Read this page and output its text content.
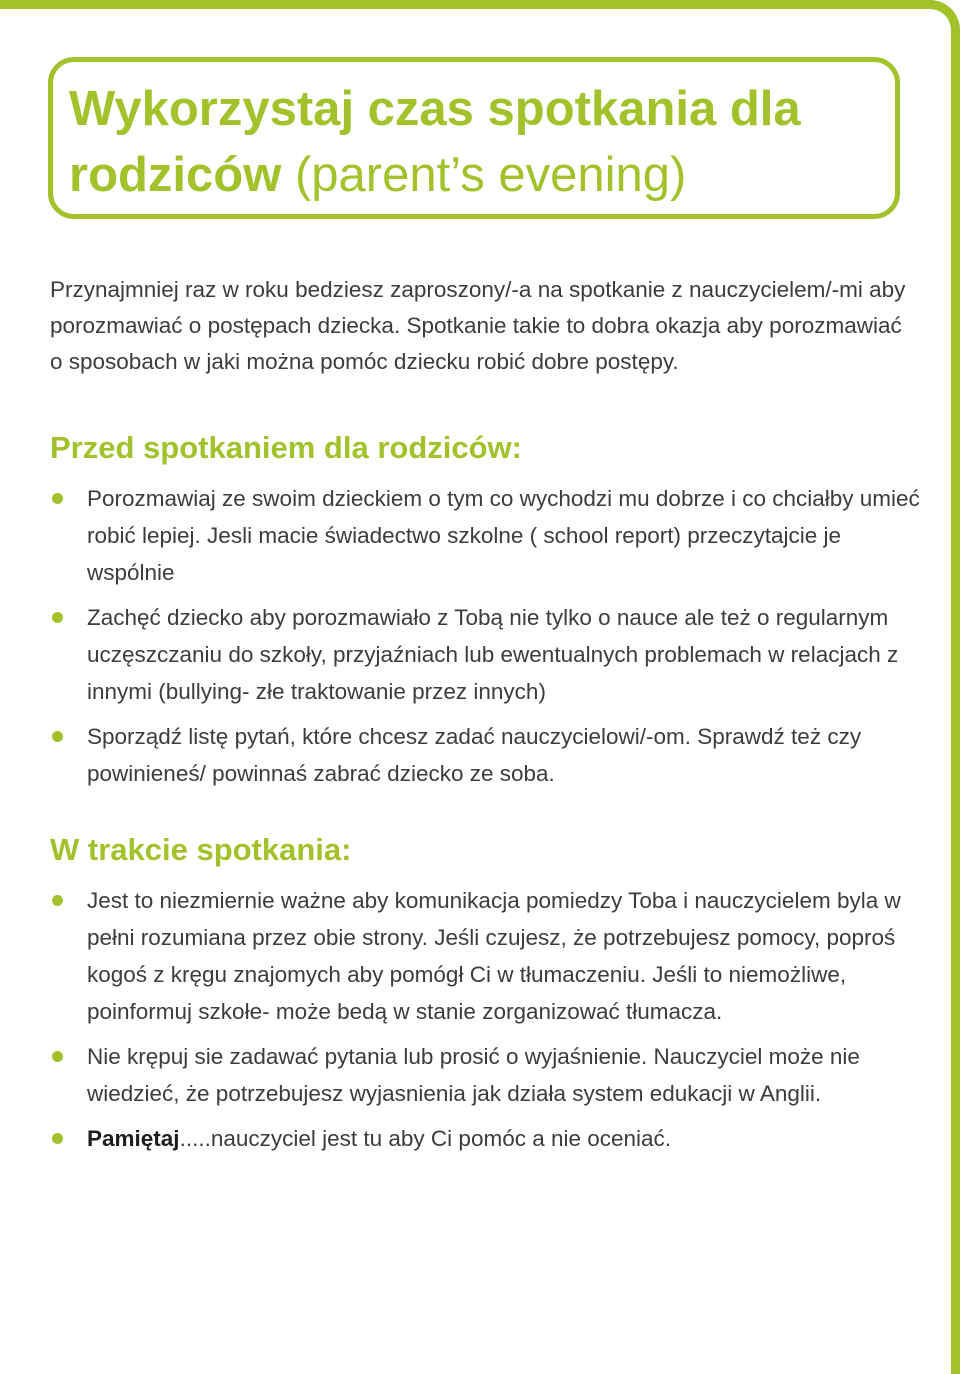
Wykorzystaj czas spotkania dla
rodziców (parent’s evening)

Przynajmniej raz w roku bedziesz zaproszony/-a na spotkanie z nauczycielem/-mi aby porozmawiać o postępach dziecka. Spotkanie takie to dobra okazja aby porozmawiać o sposobach w jaki można pomóc dziecku robić dobre postępy.

Przed spotkaniem dla rodziców:
Porozmawiaj ze swoim dzieckiem o tym co wychodzi mu dobrze i co chciałby umieć robić lepiej. Jesli macie świadectwo szkolne ( school report) przeczytajcie je wspólnie
Zachęć dziecko aby porozmawiało z Tobą nie tylko o nauce ale też o regularnym uczęszczaniu do szkoły, przyjaźniach lub ewentualnych problemach w relacjach z innymi (bullying- złe traktowanie przez innych)
Sporządź listę pytań, które chcesz zadać nauczycielowi/-om. Sprawdź też czy powinieneś/ powinnaś zabrać dziecko ze soba.
W trakcie spotkania:
Jest to niezmiernie ważne aby komunikacja pomiedzy Toba i nauczycielem byla w pełni rozumiana przez obie strony. Jeśli czujesz, że potrzebujesz pomocy, poproś kogoś z kręgu znajomych aby pomógł Ci w tłumaczeniu. Jeśli to niemożliwe, poinformuj szkołe- może bedą w stanie zorganizować tłumacza.
Nie krępuj sie zadawać pytania lub prosić o wyjaśnienie. Nauczyciel może nie wiedzieć, że potrzebujesz wyjasnienia jak działa system edukacji w Anglii.
Pamiętaj.....nauczyciel jest tu aby Ci pomóc a nie oceniać.
